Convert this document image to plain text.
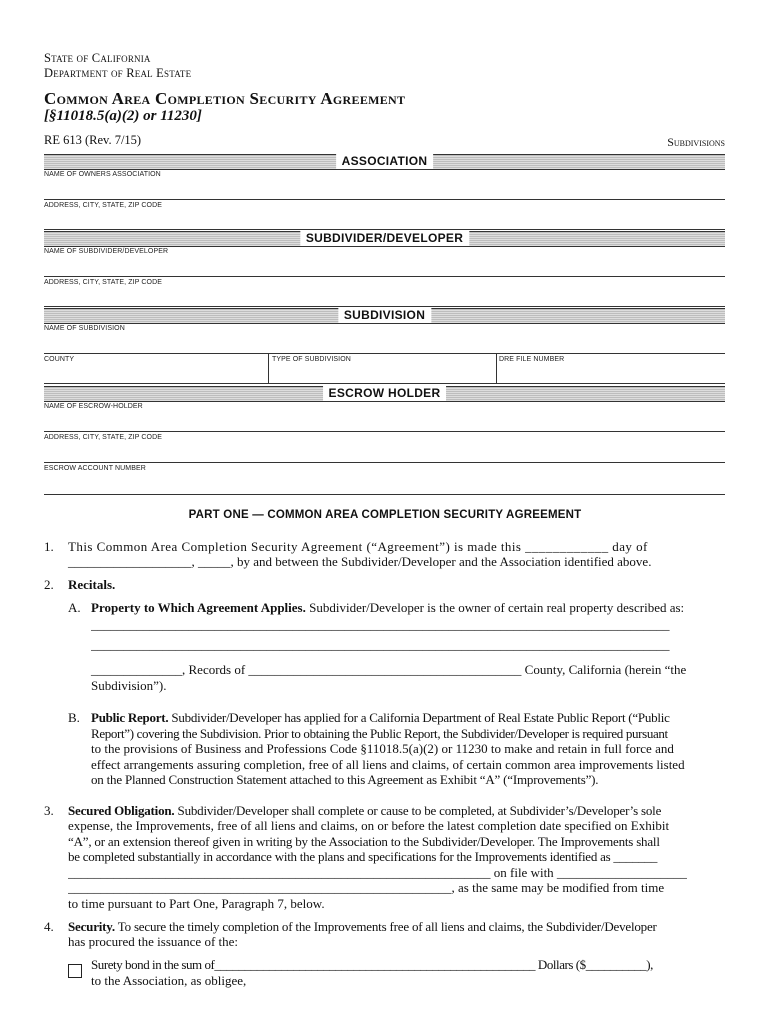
State of California
Department of Real Estate
Common Area Completion Security Agreement
[§11018.5(a)(2) or 11230]
RE 613 (Rev. 7/15)	Subdivisions
ASSOCIATION
NAME OF OWNERS ASSOCIATION
ADDRESS, CITY, STATE, ZIP CODE
SUBDIVIDER/DEVELOPER
NAME OF SUBDIVIDER/DEVELOPER
ADDRESS, CITY, STATE, ZIP CODE
SUBDIVISION
NAME OF SUBDIVISION
COUNTY	TYPE OF SUBDIVISION	DRE FILE NUMBER
ESCROW HOLDER
NAME OF ESCROW-HOLDER
ADDRESS, CITY, STATE, ZIP CODE
ESCROW ACCOUNT NUMBER
PART ONE — COMMON AREA COMPLETION SECURITY AGREEMENT
1. This Common Area Completion Security Agreement (“Agreement”) is made this ____________ day of
___________________, _____, by and between the Subdivider/Developer and the Association identified above.
2. Recitals.
A. Property to Which Agreement Applies. Subdivider/Developer is the owner of certain real property described as:
_________________________________________________________________________________________
_________________________________________________________________________________________
______________, Records of __________________________________________ County, California (herein “the
Subdivision”).
B. Public Report. Subdivider/Developer has applied for a California Department of Real Estate Public Report (“Public
Report”) covering the Subdivision. Prior to obtaining the Public Report, the Subdivider/Developer is required pursuant
to the provisions of Business and Professions Code §11018.5(a)(2) or 11230 to make and retain in full force and
effect arrangements assuring completion, free of all liens and claims, of certain common area improvements listed
on the Planned Construction Statement attached to this Agreement as Exhibit “A” (“Improvements”).
3. Secured Obligation. Subdivider/Developer shall complete or cause to be completed, at Subdivider’s/Developer’s sole
expense, the Improvements, free of all liens and claims, on or before the latest completion date specified on Exhibit
“A”, or an extension thereof given in writing by the Association to the Subdivider/Developer. The Improvements shall
be completed substantially in accordance with the plans and specifications for the Improvements identified as _______
_________________________________________________________________ on file with ____________________
___________________________________________________________, as the same may be modified from time
to time pursuant to Part One, Paragraph 7, below.
4. Security. To secure the timely completion of the Improvements free of all liens and claims, the Subdivider/Developer
has procured the issuance of the:
Surety bond in the sum of_____________________________________________________ Dollars ($__________),
to the Association, as obligee,
